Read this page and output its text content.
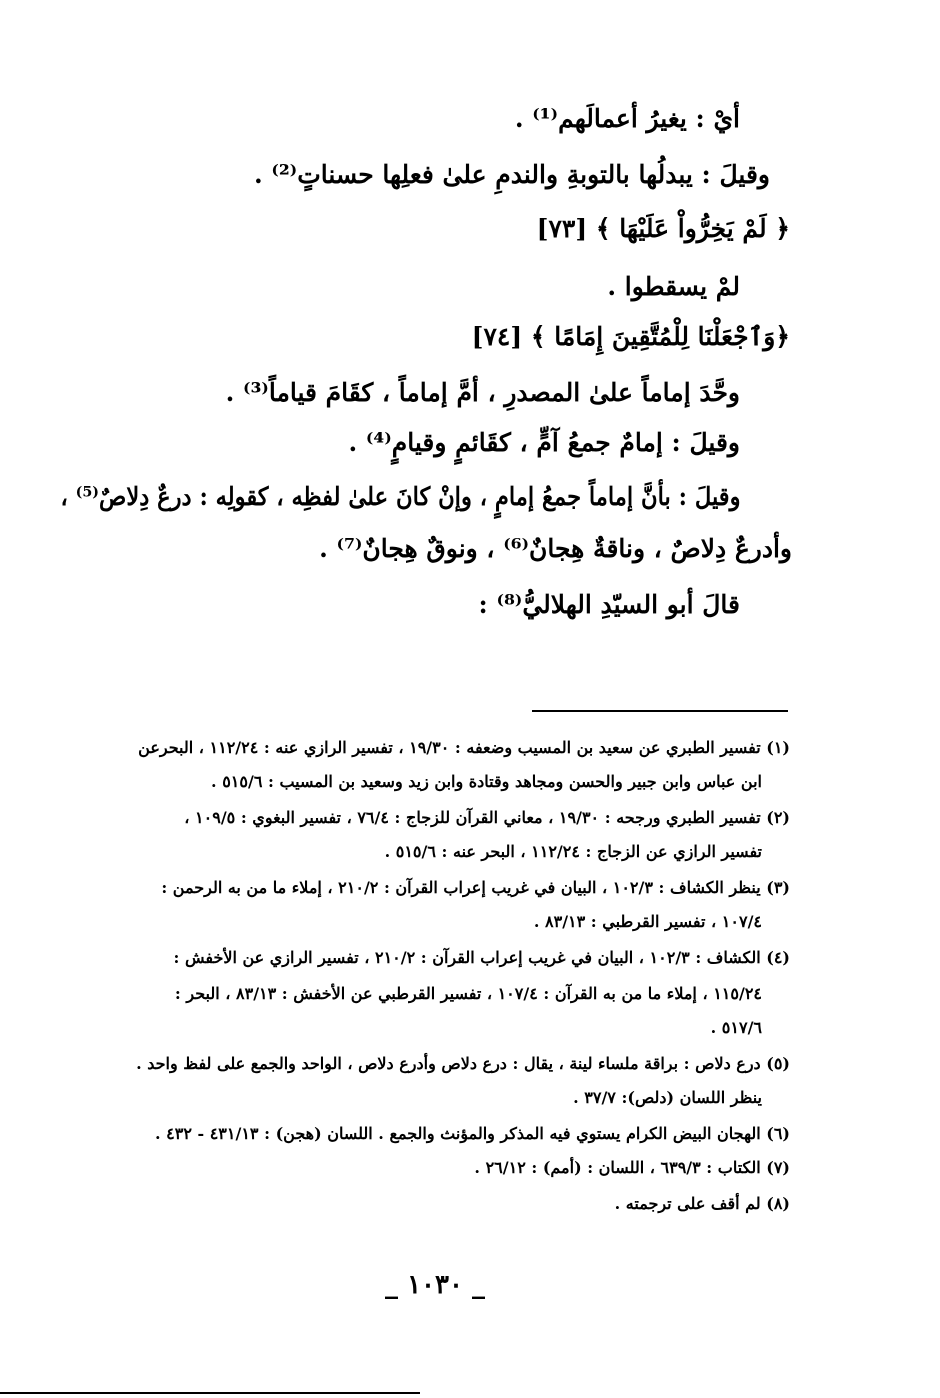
أيْ : يغيرُ أعمالَهم⁽¹⁾ .
وقيلَ : يبدلُها بالتوبةِ والندمِ علىٰ فعلِها حسناتٍ⁽²⁾ .
﴿ لَمْ يَخِرُّواْ عَلَيْهَا ﴾ [٧٣]
لمْ يسقطوا .
﴿وَٱجْعَلْنَا لِلْمُتَّقِينَ إِمَامًا ﴾ [٧٤]
وحَّدَ إماماً علىٰ المصدرِ ، أمَّ إماماً ، كقَامَ قياماً⁽³⁾ .
وقيلَ : إمامٌ جمعُ آمٍّ ، كقَائمٍ وقيامٍ⁽⁴⁾ .
وقيلَ : بأنَّ إماماً جمعُ إمامٍ ، وإنْ كانَ علىٰ لفظِه ، كقولِه : درعٌ دِلاصٌ⁽⁵⁾ ،
وأدرعٌ دِلاصٌ ، وناقةٌ هِجانٌ⁽⁶⁾ ، ونوقٌ هِجانٌ⁽⁷⁾ .
قالَ أبو السيّدِ الهلاليُّ⁽⁸⁾ :
(١) تفسير الطبري عن سعيد بن المسيب وضعفه : ١٩/٣٠ ، تفسير الرازي عنه : ١١٢/٢٤ ، البحرعن
ابن عباس وابن جبير والحسن ومجاهد وقتادة وابن زيد وسعيد بن المسيب : ٥١٥/٦ .
(٢) تفسير الطبري ورجحه : ١٩/٣٠ ، معاني القرآن للزجاج : ٧٦/٤ ، تفسير البغوي : ١٠٩/٥ ،
تفسير الرازي عن الزجاج : ١١٢/٢٤ ، البحر عنه : ٥١٥/٦ .
(٣) ينظر الكشاف : ١٠٢/٣ ، البيان في غريب إعراب القرآن : ٢١٠/٢ ، إملاء ما من به الرحمن :
١٠٧/٤ ، تفسير القرطبي : ٨٣/١٣ .
(٤) الكشاف : ١٠٢/٣ ، البيان في غريب إعراب القرآن : ٢١٠/٢ ، تفسير الرازي عن الأخفش :
١١٥/٢٤ ، إملاء ما من به القرآن : ١٠٧/٤ ، تفسير القرطبي عن الأخفش : ٨٣/١٣ ، البحر :
٥١٧/٦ .
(٥) درع دلاص : براقة ملساء لينة ، يقال : درع دلاص وأدرع دلاص ، الواحد والجمع على لفظ واحد .
ينظر اللسان (دلص): ٣٧/٧ .
(٦) الهجان البيض الكرام يستوي فيه المذكر والمؤنث والجمع . اللسان (هجن) : ٤٣١/١٣ - ٤٣٢ .
(٧) الكتاب : ٦٣٩/٣ ، اللسان : (أمم) : ٢٦/١٢ .
(٨) لم أقف على ترجمته .
_ ١٠٣٠ _
